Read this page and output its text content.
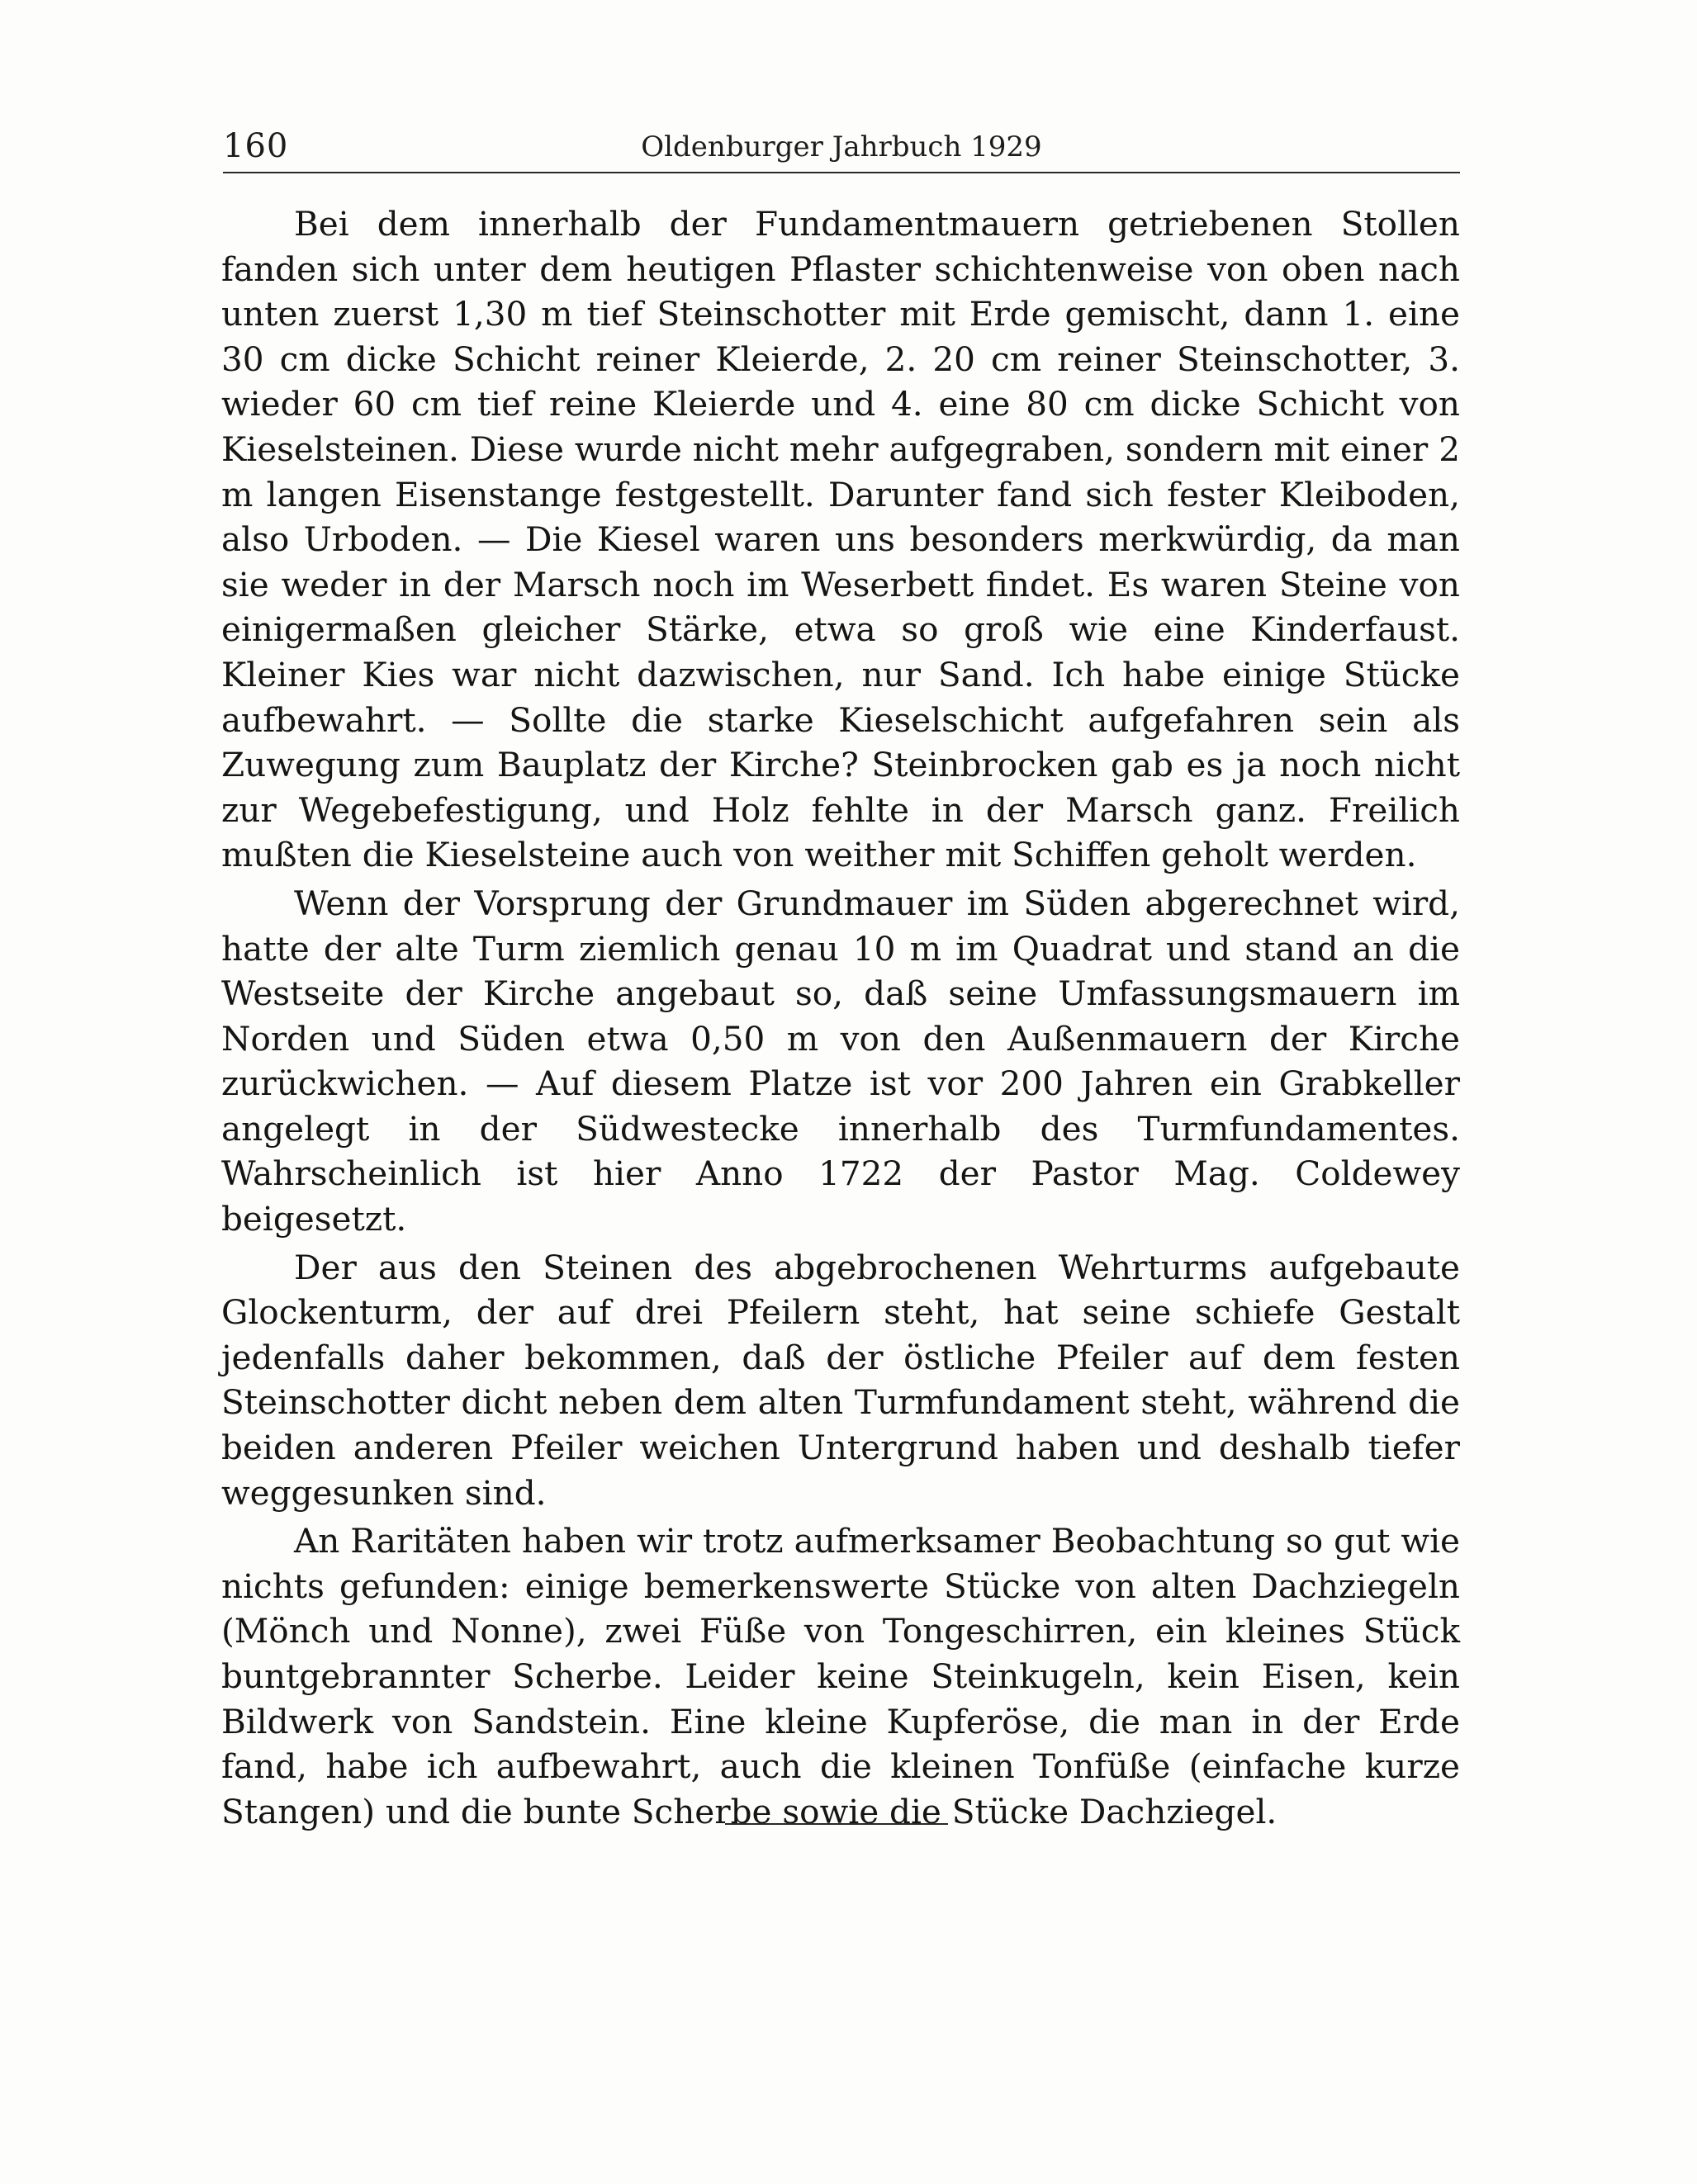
160	Oldenburger Jahrbuch 1929

Bei dem innerhalb der Fundamentmauern getriebenen Stollen fanden sich unter dem heutigen Pflaster schichtenweise von oben nach unten zuerst 1,30 m tief Steinschotter mit Erde gemischt, dann 1. eine 30 cm dicke Schicht reiner Kleierde, 2. 20 cm reiner Steinschotter, 3. wieder 60 cm tief reine Kleierde und 4. eine 80 cm dicke Schicht von Kieselsteinen. Diese wurde nicht mehr aufgegraben, sondern mit einer 2 m langen Eisenstange festgestellt. Darunter fand sich fester Kleiboden, also Urboden. — Die Kiesel waren uns besonders merkwürdig, da man sie weder in der Marsch noch im Weserbett findet. Es waren Steine von einigermaßen gleicher Stärke, etwa so groß wie eine Kinderfaust. Kleiner Kies war nicht dazwischen, nur Sand. Ich habe einige Stücke aufbewahrt. — Sollte die starke Kieselschicht aufgefahren sein als Zuwegung zum Bauplatz der Kirche? Steinbrocken gab es ja noch nicht zur Wegebefestigung, und Holz fehlte in der Marsch ganz. Freilich mußten die Kieselsteine auch von weither mit Schiffen geholt werden.

Wenn der Vorsprung der Grundmauer im Süden abgerechnet wird, hatte der alte Turm ziemlich genau 10 m im Quadrat und stand an die Westseite der Kirche angebaut so, daß seine Umfassungsmauern im Norden und Süden etwa 0,50 m von den Außenmauern der Kirche zurückwichen. — Auf diesem Platze ist vor 200 Jahren ein Grabkeller angelegt in der Südwestecke innerhalb des Turmfundamentes. Wahrscheinlich ist hier Anno 1722 der Pastor Mag. Coldewey beigesetzt.

Der aus den Steinen des abgebrochenen Wehrturms aufgebaute Glockenturm, der auf drei Pfeilern steht, hat seine schiefe Gestalt jedenfalls daher bekommen, daß der östliche Pfeiler auf dem festen Steinschotter dicht neben dem alten Turmfundament steht, während die beiden anderen Pfeiler weichen Untergrund haben und deshalb tiefer weggesunken sind.

An Raritäten haben wir trotz aufmerksamer Beobachtung so gut wie nichts gefunden: einige bemerkenswerte Stücke von alten Dachziegeln (Mönch und Nonne), zwei Füße von Tongeschirren, ein kleines Stück buntgebrannter Scherbe. Leider keine Steinkugeln, kein Eisen, kein Bildwerk von Sandstein. Eine kleine Kupferöse, die man in der Erde fand, habe ich aufbewahrt, auch die kleinen Tonfüße (einfache kurze Stangen) und die bunte Scherbe sowie die Stücke Dachziegel.
